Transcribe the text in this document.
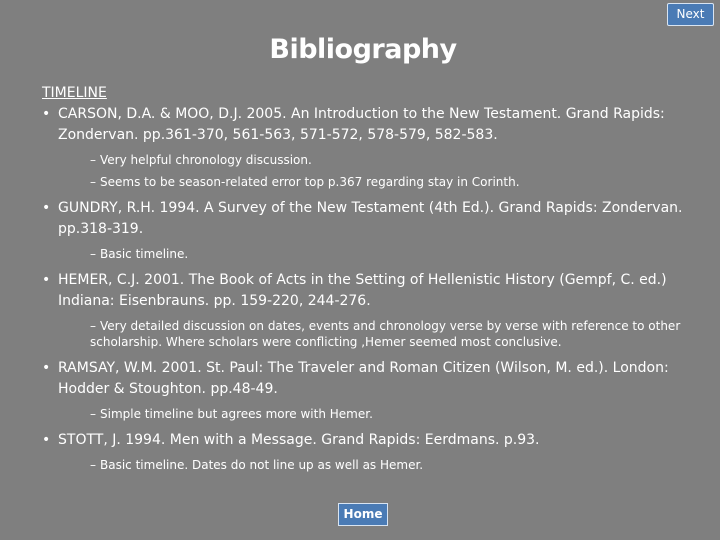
Next
Bibliography
TIMELINE
• CARSON, D.A. & MOO, D.J. 2005. An Introduction to the New Testament. Grand Rapids: Zondervan. pp.361-370, 561-563, 571-572, 578-579, 582-583.
– Very helpful chronology discussion.
– Seems to be season-related error top p.367 regarding stay in Corinth.
• GUNDRY, R.H. 1994. A Survey of the New Testament (4th Ed.). Grand Rapids: Zondervan. pp.318-319.
– Basic timeline.
• HEMER, C.J. 2001. The Book of Acts in the Setting of Hellenistic History (Gempf, C. ed.) Indiana: Eisenbrauns. pp. 159-220, 244-276.
– Very detailed discussion on dates, events and chronology verse by verse with reference to other scholarship. Where scholars were conflicting ,Hemer seemed most conclusive.
• RAMSAY, W.M. 2001. St. Paul: The Traveler and Roman Citizen (Wilson, M. ed.). London: Hodder & Stoughton. pp.48-49.
– Simple timeline but agrees more with Hemer.
• STOTT, J. 1994. Men with a Message. Grand Rapids: Eerdmans. p.93.
– Basic timeline. Dates do not line up as well as Hemer.
Home
